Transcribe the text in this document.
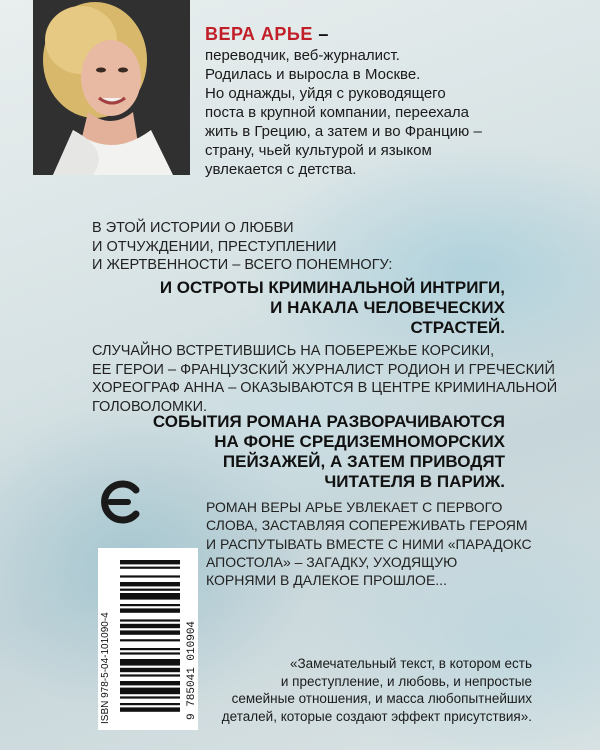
ВЕРА АРЬЕ –
переводчик, веб-журналист.
Родилась и выросла в Москве.
Но однажды, уйдя с руководящего
поста в крупной компании, переехала
жить в Грецию, а затем и во Францию –
страну, чьей культурой и языком
увлекается с детства.
В ЭТОЙ ИСТОРИИ О ЛЮБВИ
И ОТЧУЖДЕНИИ, ПРЕСТУПЛЕНИИ
И ЖЕРТВЕННОСТИ – ВСЕГО ПОНЕМНОГУ:
И ОСТРОТЫ КРИМИНАЛЬНОЙ ИНТРИГИ,
И НАКАЛА ЧЕЛОВЕЧЕСКИХ
СТРАСТЕЙ.
СЛУЧАЙНО ВСТРЕТИВШИСЬ НА ПОБЕРЕЖЬЕ КОРСИКИ,
ЕЕ ГЕРОИ – ФРАНЦУЗСКИЙ ЖУРНАЛИСТ РОДИОН И ГРЕЧЕСКИЙ
ХОРЕОГРАФ АННА – ОКАЗЫВАЮТСЯ В ЦЕНТРЕ КРИМИНАЛЬНОЙ
ГОЛОВОЛОМКИ.
СОБЫТИЯ РОМАНА РАЗВОРАЧИВАЮТСЯ
НА ФОНЕ СРЕДИЗЕМНОМОРСКИХ
ПЕЙЗАЖЕЙ, А ЗАТЕМ ПРИВОДЯТ
ЧИТАТЕЛЯ В ПАРИЖ.
РОМАН ВЕРЫ АРЬЕ УВЛЕКАЕТ С ПЕРВОГО
СЛОВА, ЗАСТАВЛЯЯ СОПЕРЕЖИВАТЬ ГЕРОЯМ
И РАСПУТЫВАТЬ ВМЕСТЕ С НИМИ «ПАРАДОКС
АПОСТОЛА» – ЗАГАДКУ, УХОДЯЩУЮ
КОРНЯМИ В ДАЛЕКОЕ ПРОШЛОЕ...
ISBN 978-5-04-101090-4	9 785041 010904	«Замечательный текст, в котором есть
и преступление, и любовь, и непростые
семейные отношения, и масса любопытнейших
деталей, которые создают эффект присутствия».
